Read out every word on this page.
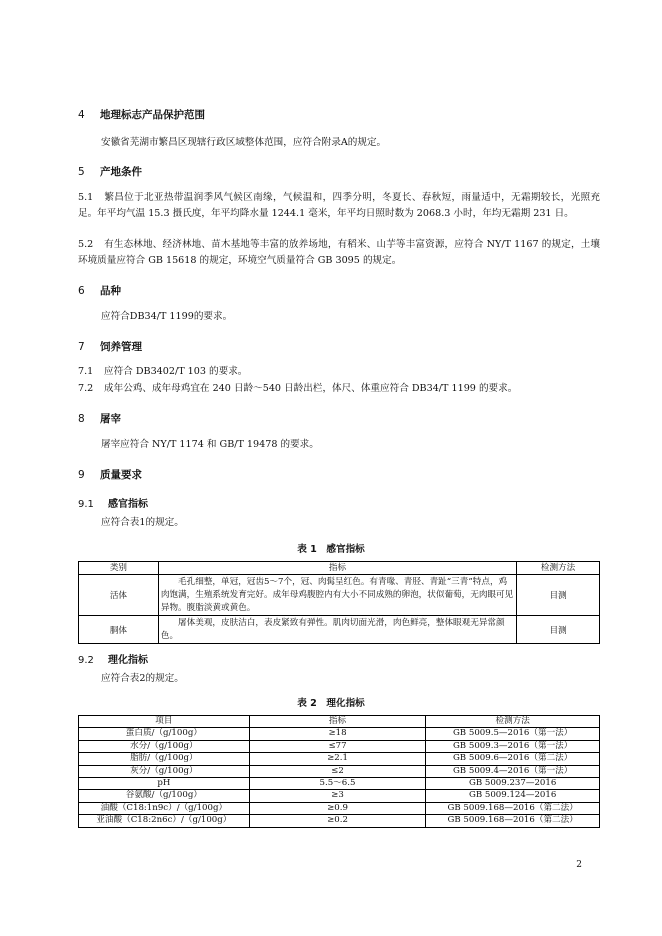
4 地理标志产品保护范围
安徽省芜湖市繁昌区现辖行政区域整体范围，应符合附录A的规定。
5 产地条件
5.1 繁昌位于北亚热带温润季风气候区南缘，气候温和，四季分明，冬夏长、春秋短，雨量适中，无霜期较长，光照充足。年平均气温 15.3 摄氏度，年平均降水量 1244.1 毫米，年平均日照时数为 2068.3 小时，年均无霜期 231 日。
5.2 有生态林地、经济林地、苗木基地等丰富的放养场地，有稻米、山芋等丰富资源，应符合 NY/T 1167 的规定，土壤环境质量应符合 GB 15618 的规定，环境空气质量符合 GB 3095 的规定。
6 品种
应符合DB34/T 1199的要求。
7 饲养管理
7.1 应符合 DB3402/T 103 的要求。
7.2 成年公鸡、成年母鸡宜在 240 日龄～540 日龄出栏，体尺、体重应符合 DB34/T 1199 的要求。
8 屠宰
屠宰应符合 NY/T 1174 和 GB/T 19478 的要求。
9 质量要求
9.1 感官指标
应符合表1的规定。
表 1　感官指标
类别	指标	检测方法
活体	毛孔细整，单冠，冠齿5～7个，冠、肉髯呈红色。有青喙、青胫、青趾“三青”特点，鸡肉饱满，生殖系统发育完好。成年母鸡腹腔内有大小不同成熟的卵泡，状似葡萄，无肉眼可见异物。腹脂淡黄或黄色。	目测
胴体	屠体美观，皮肤洁白，表皮紧致有弹性。肌肉切面光滑，肉色鲜亮，整体眼观无异常颜色。	目测
9.2 理化指标
应符合表2的规定。
表 2　理化指标
项目	指标	检测方法
蛋白质/（g/100g）	≥18	GB 5009.5—2016（第一法）
水分/（g/100g）	≤77	GB 5009.3—2016（第一法）
脂肪/（g/100g）	≥2.1	GB 5009.6—2016（第二法）
灰分/（g/100g）	≤2	GB 5009.4—2016（第一法）
pH	5.5～6.5	GB 5009.237—2016
谷氨酸/（g/100g）	≥3	GB 5009.124—2016
油酸（C18:1n9c）/（g/100g）	≥0.9	GB 5009.168—2016（第二法）
亚油酸（C18:2n6c）/（g/100g）	≥0.2	GB 5009.168—2016（第二法）
2
